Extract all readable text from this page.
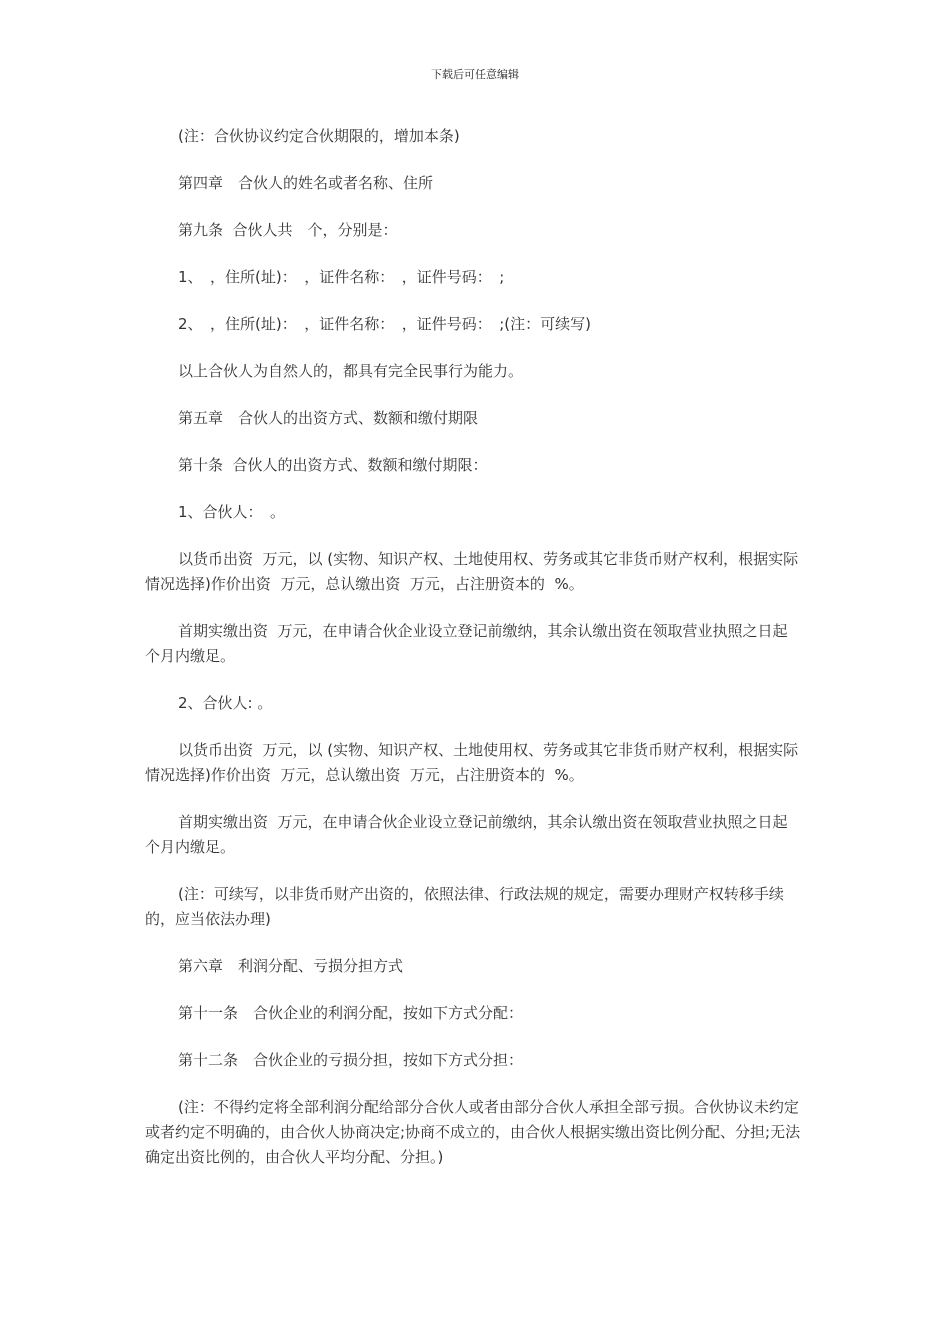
下载后可任意编辑

(注：合伙协议约定合伙期限的，增加本条)

第四章　合伙人的姓名或者名称、住所

第九条  合伙人共　个，分别是：

1、　，住所(址)：　，证件名称：　，证件号码：　;

2、　，住所(址)：　，证件名称：　，证件号码：　;(注：可续写)

以上合伙人为自然人的，都具有完全民事行为能力。

第五章　合伙人的出资方式、数额和缴付期限

第十条  合伙人的出资方式、数额和缴付期限：

1、合伙人：　。

以货币出资  万元，以 (实物、知识产权、土地使用权、劳务或其它非货币财产权利，根据实际情况选择)作价出资  万元，总认缴出资  万元，占注册资本的  %。

首期实缴出资  万元，在申请合伙企业设立登记前缴纳，其余认缴出资在领取营业执照之日起　　个月内缴足。

2、合伙人: 。

以货币出资  万元，以 (实物、知识产权、土地使用权、劳务或其它非货币财产权利，根据实际情况选择)作价出资  万元，总认缴出资  万元，占注册资本的  %。

首期实缴出资  万元，在申请合伙企业设立登记前缴纳，其余认缴出资在领取营业执照之日起  个月内缴足。

(注：可续写，以非货币财产出资的，依照法律、行政法规的规定，需要办理财产权转移手续的，应当依法办理)

第六章　利润分配、亏损分担方式

第十一条　合伙企业的利润分配，按如下方式分配：

第十二条　合伙企业的亏损分担，按如下方式分担：

(注：不得约定将全部利润分配给部分合伙人或者由部分合伙人承担全部亏损。合伙协议未约定或者约定不明确的，由合伙人协商决定;协商不成立的，由合伙人根据实缴出资比例分配、分担;无法确定出资比例的，由合伙人平均分配、分担。)
